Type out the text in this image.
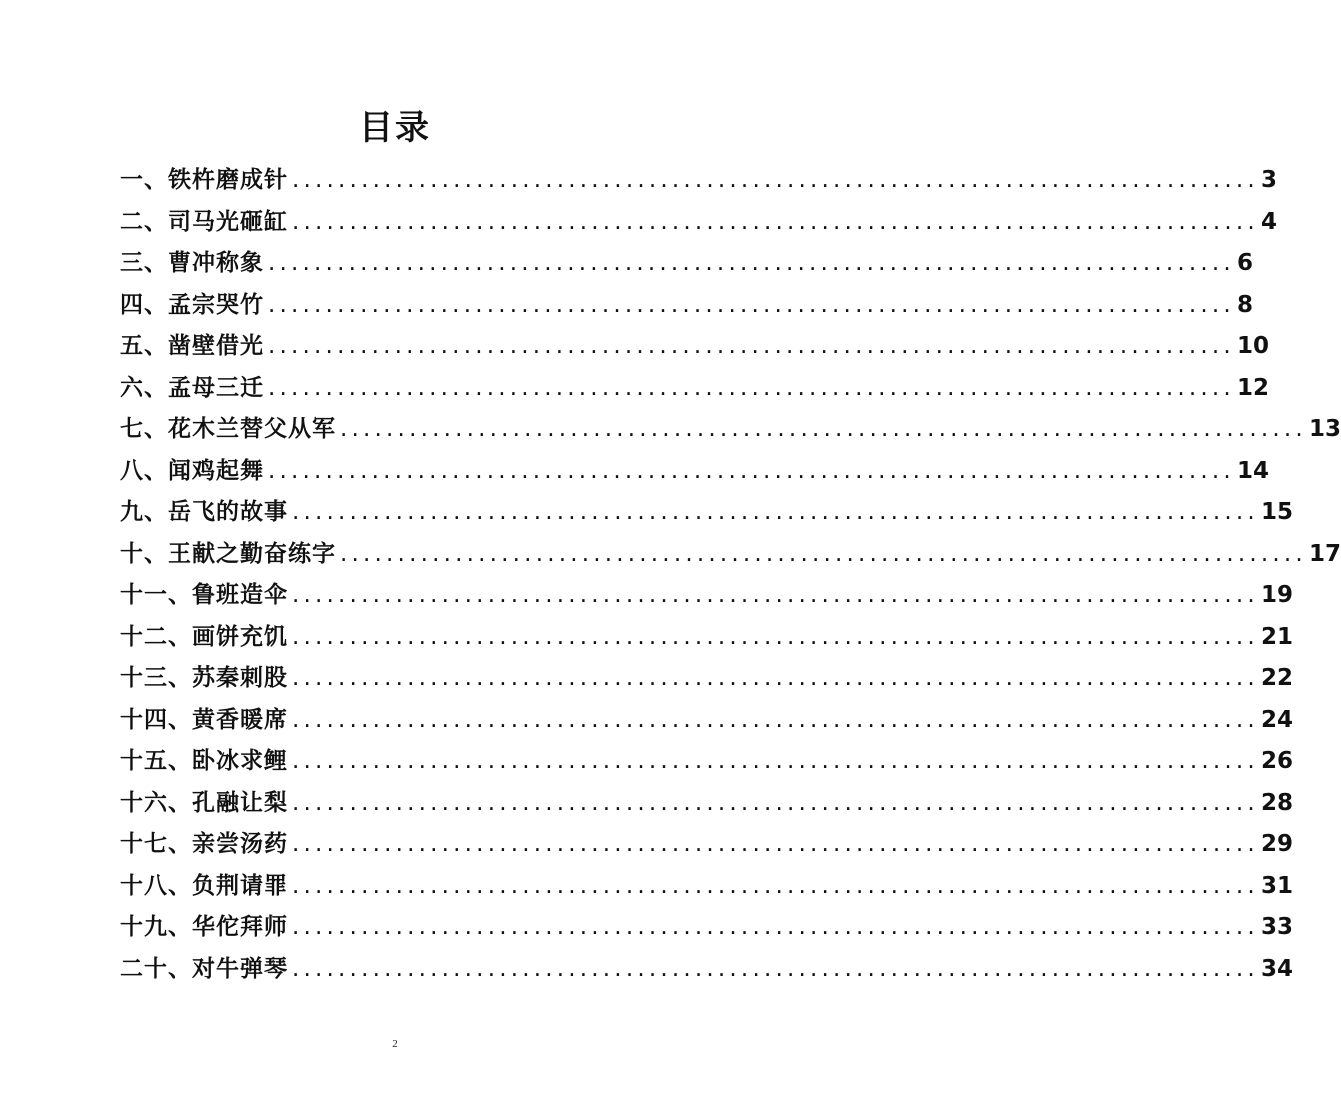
目录
一、铁杵磨成针 .................................................................................... 3
二、司马光砸缸 .................................................................................... 4
三、曹冲称象 .................................................................................... 6
四、孟宗哭竹 .................................................................................... 8
五、凿壁借光 .................................................................................... 10
六、孟母三迁 .................................................................................... 12
七、花木兰替父从军 .................................................................................... 13
八、闻鸡起舞 .................................................................................... 14
九、岳飞的故事 .................................................................................... 15
十、王献之勤奋练字 .................................................................................... 17
十一、鲁班造伞 .................................................................................... 19
十二、画饼充饥 .................................................................................... 21
十三、苏秦刺股 .................................................................................... 22
十四、黄香暖席 .................................................................................... 24
十五、卧冰求鲤 .................................................................................... 26
十六、孔融让梨 .................................................................................... 28
十七、亲尝汤药 .................................................................................... 29
十八、负荆请罪 .................................................................................... 31
十九、华佗拜师 .................................................................................... 33
二十、对牛弹琴 .................................................................................... 34
2
